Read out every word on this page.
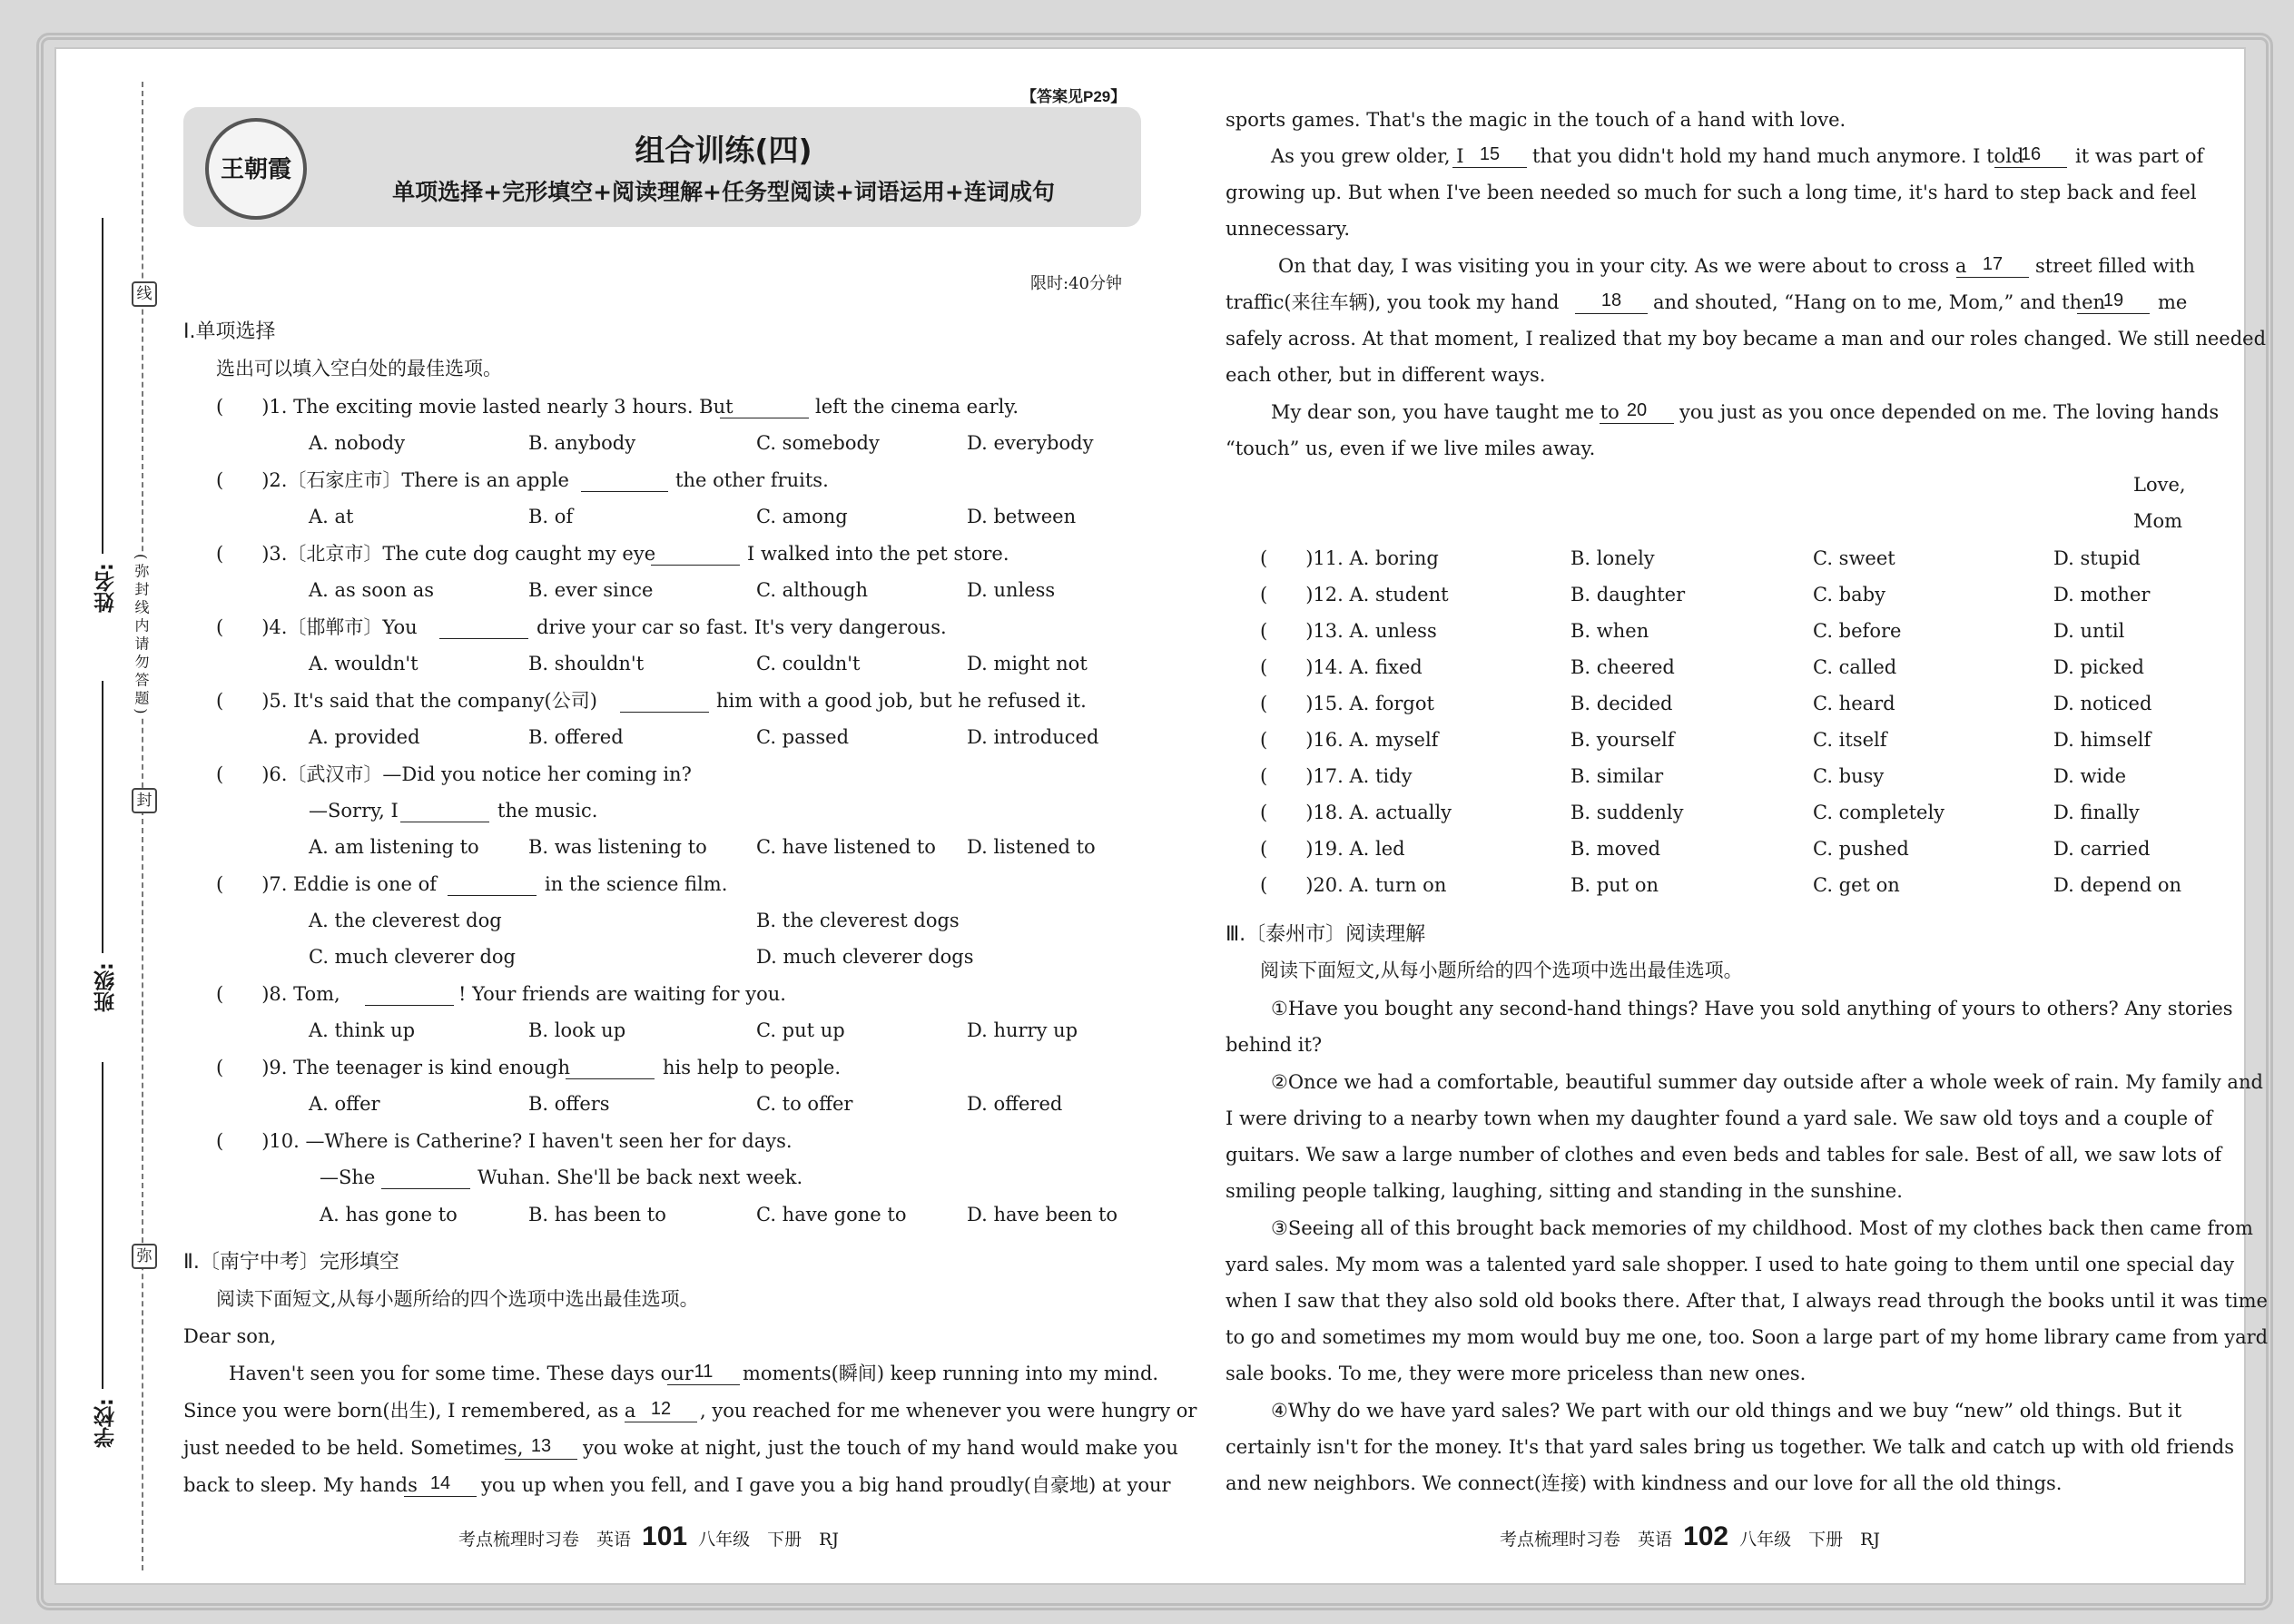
线
封
弥
(弥封线内请勿答题)
姓名:
班级:
学校:
【答案见P29】
王朝霞
组合训练(四)
单项选择+完形填空+阅读理解+任务型阅读+词语运用+连词成句
限时:40分钟
Ⅰ.单项选择
选出可以填入空白处的最佳选项。
(　　)1. The exciting movie lasted nearly 3 hours. But	left the cinema early.
A. nobody	B. anybody	C. somebody	D. everybody
(　　)2.〔石家庄市〕There is an apple	the other fruits.
A. at	B. of	C. among	D. between
(　　)3.〔北京市〕The cute dog caught my eye	I walked into the pet store.
A. as soon as	B. ever since	C. although	D. unless
(　　)4.〔邯郸市〕You	drive your car so fast. It's very dangerous.
A. wouldn't	B. shouldn't	C. couldn't	D. might not
(　　)5. It's said that the company(公司)	him with a good job, but he refused it.
A. provided	B. offered	C. passed	D. introduced
(　　)6.〔武汉市〕—Did you notice her coming in?
—Sorry, I	the music.
A. am listening to	B. was listening to	C. have listened to D. listened to
(　　)7. Eddie is one of	in the science film.
A. the cleverest dog	B. the cleverest dogs
C. much cleverer dog	D. much cleverer dogs
(　　)8. Tom,	! Your friends are waiting for you.
A. think up	B. look up	C. put up	D. hurry up
(　　)9. The teenager is kind enough	his help to people.
A. offer	B. offers	C. to offer	D. offered
(　　)10. —Where is Catherine? I haven't seen her for days.
—She	Wuhan. She'll be back next week.
A. has gone to	B. has been to	C. have gone to	D. have been to
Ⅱ.〔南宁中考〕完形填空
阅读下面短文,从每小题所给的四个选项中选出最佳选项。
Dear son,
Haven't seen you for some time. These days our 11	moments(瞬间) keep running into my mind.
Since you were born(出生), I remembered, as a 12	, you reached for me whenever you were hungry or
just needed to be held. Sometimes, 13	you woke at night, just the touch of my hand would make you
back to sleep. My hands 14	you up when you fell, and I gave you a big hand proudly(自豪地) at your
sports games. That's the magic in the touch of a hand with love.
As you grew older, I 15	that you didn't hold my hand much anymore. I told
16	it was part of
growing up. But when I've been needed so much for such a long time, it's hard to step back and feel
unnecessary.
On that day, I was visiting you in your city. As we were about to cross a 17	street filled with
traffic(来往车辆), you took my hand	18	and shouted, “Hang on to me, Mom,” and then
19	me
safely across. At that moment, I realized that my boy became a man and our roles changed. We still needed
each other, but in different ways.
My dear son, you have taught me to 20	you just as you once depended on me. The loving hands
“touch” us, even if we live miles away.
Love,
Mom
(　　)11. A. boring	B. lonely	C. sweet	D. stupid
(　　)12. A. student	B. daughter	C. baby	D. mother
(　　)13. A. unless	B. when	C. before	D. until
(　　)14. A. fixed	B. cheered	C. called	D. picked
(　　)15. A. forgot	B. decided	C. heard	D. noticed
(　　)16. A. myself	B. yourself	C. itself	D. himself
(　　)17. A. tidy	B. similar	C. busy	D. wide
(　　)18. A. actually	B. suddenly	C. completely	D. finally
(　　)19. A. led	B. moved	C. pushed	D. carried
(　　)20. A. turn on	B. put on	C. get on	D. depend on
Ⅲ.〔泰州市〕阅读理解
阅读下面短文,从每小题所给的四个选项中选出最佳选项。
①Have you bought any second-hand things? Have you sold anything of yours to others? Any stories
behind it?
②Once we had a comfortable, beautiful summer day outside after a whole week of rain. My family and
I were driving to a nearby town when my daughter found a yard sale. We saw old toys and a couple of
guitars. We saw a large number of clothes and even beds and tables for sale. Best of all, we saw lots of
smiling people talking, laughing, sitting and standing in the sunshine.
③Seeing all of this brought back memories of my childhood. Most of my clothes back then came from
yard sales. My mom was a talented yard sale shopper. I used to hate going to them until one special day
when I saw that they also sold old books there. After that, I always read through the books until it was time
to go and sometimes my mom would buy me one, too. Soon a large part of my home library came from yard
sale books. To me, they were more priceless than new ones.
④Why do we have yard sales? We part with our old things and we buy “new” old things. But it
certainly isn't for the money. It's that yard sales bring us together. We talk and catch up with old friends
and new neighbors. We connect(连接) with kindness and our love for all the old things.
考点梳理时习卷　英语 101 八年级　下册　RJ	考点梳理时习卷　英语 102 八年级　下册　RJ
